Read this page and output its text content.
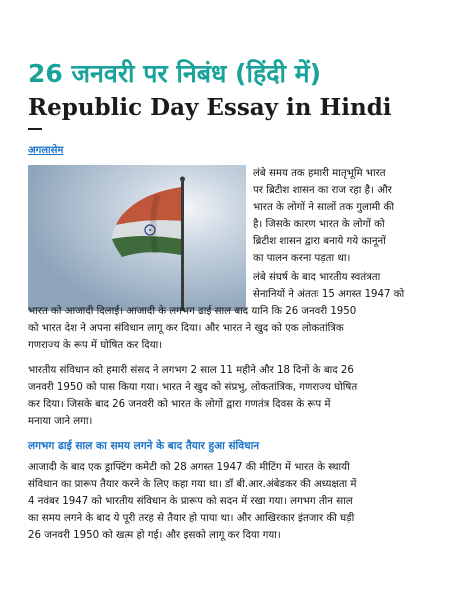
26 जनवरी पर निबंध (हिंदी में)
Republic Day Essay in Hindi
अगलासेम
लंबे समय तक हमारी मातृभूमि भारत
पर ब्रिटीश शासन का राज रहा है। और
भारत के लोगों ने सालों तक गुलामी की
है। जिसके कारण भारत के लोगों को
ब्रिटीश शासन द्वारा बनाये गये कानूनों
का पालन करना पड़ता था।
लंबे संघर्ष के बाद भारतीय स्वतंत्रता
सेनानियों ने अंततः 15 अगस्त 1947 को
भारत को आजादी दिलाई। आजादी के लगभग ढाई साल बाद यानि कि 26 जनवरी 1950
को भारत देश ने अपना संविधान लागू कर दिया। और भारत ने खुद को एक लोकतांत्रिक
गणराज्य के रूप में घोषित कर दिया।
भारतीय संविधान को हमारी संसद ने लगभग 2 साल 11 महीने और 18 दिनों के बाद 26
जनवरी 1950 को पास किया गया। भारत ने खुद को संप्रभु, लोकतांत्रिक, गणराज्य घोषित
कर दिया। जिसके बाद 26 जनवरी को भारत के लोगों द्वारा गणतंत्र दिवस के रूप में
मनाया जाने लगा।
लगभग ढाई साल का समय लगने के बाद तैयार हुआ संविधान
आजादी के बाद एक ड्राफ्टिंग कमेटी को 28 अगस्त 1947 की मीटिंग में भारत के स्थायी
संविधान का प्रारूप तैयार करने के लिए कहा गया था। डॉ बी.आर.अंबेडकर की अध्यक्षता में
4 नवंबर 1947 को भारतीय संविधान के प्रारूप को सदन में रखा गया। लगभग तीन साल
का समय लगने के बाद ये पूरी तरह से तैयार हो पाया था। और आखिरकार इंतजार की घड़ी
26 जनवरी 1950 को खत्म हो गई। और इसको लागू कर दिया गया।
